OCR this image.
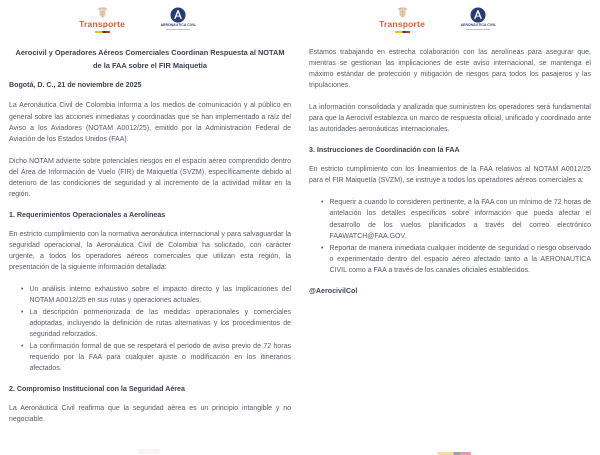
Transporte	AERONÁUTICA CIVIL
Aerocivil y Operadores Aéreos Comerciales Coordinan Respuesta al NOTAM de la FAA sobre el FIR Maiquetía
Bogotá, D. C., 21 de noviembre de 2025

La Aeronáutica Civil de Colombia informa a los medios de comunicación y al público en general sobre las acciones inmediatas y coordinadas que se han implementado a raíz del Aviso a los Aviadores (NOTAM A0012/25), emitido por la Administración Federal de Aviación de los Estados Unidos (FAA).

Dicho NOTAM advierte sobre potenciales riesgos en el espacio aéreo comprendido dentro del Área de Información de Vuelo (FIR) de Maiquetía (SVZM), específicamente debido al deterioro de las condiciones de seguridad y al incremento de la actividad militar en la región.

1. Requerimientos Operacionales a Aerolíneas

En estricto cumplimiento con la normativa aeronáutica internacional y para salvaguardar la seguridad operacional, la Aeronáutica Civil de Colombia ha solicitado, con carácter urgente, a todos los operadores aéreos comerciales que utilizan esta región, la presentación de la siguiente información detallada:

• Un análisis interno exhaustivo sobre el impacto directo y las implicaciones del NOTAM A0012/25 en sus rutas y operaciones actuales.
• La descripción pormenorizada de las medidas operacionales y comerciales adoptadas, incluyendo la definición de rutas alternativas y los procedimientos de seguridad reforzados.
• La confirmación formal de que se respetará el periodo de aviso previo de 72 horas requerido por la FAA para cualquier ajuste o modificación en los itinerarios afectados.
2. Compromiso Institucional con la Seguridad Aérea

La Aeronáutica Civil reafirma que la seguridad aérea es un principio intangible y no negociable.

Transporte	AERONÁUTICA CIVIL

Estamos trabajando en estrecha colaboración con las aerolíneas para asegurar que, mientras se gestionan las implicaciones de este aviso internacional, se mantenga el máximo estándar de protección y mitigación de riesgos para todos los pasajeros y las tripulaciones.

La información consolidada y analizada que suministren los operadores será fundamental para que la Aerocivil establezca un marco de respuesta oficial, unificado y coordinado ante las autoridades aeronáuticas internacionales.

3. Instrucciones de Coordinación con la FAA

En estricto cumplimiento con los lineamientos de la FAA relativos al NOTAM A0012/25 para el FIR Maiquetía (SVZM), se instruye a todos los operadores aéreos comerciales a:

• Requerir a cuando lo consideren pertinente, a la FAA con un mínimo de 72 horas de antelación los detalles específicos sobre información que pueda afectar el desarrollo de los vuelos planificados a través del correo electrónico FAAWATCH@FAA.GOV.
• Reportar de manera inmediata cualquier incidente de seguridad o riesgo observado o experimentado dentro del espacio aéreo afectado tanto a la AERONAUTICA CIVIL como a FAA a través de los canales oficiales establecidos.
@AerocivilCol
